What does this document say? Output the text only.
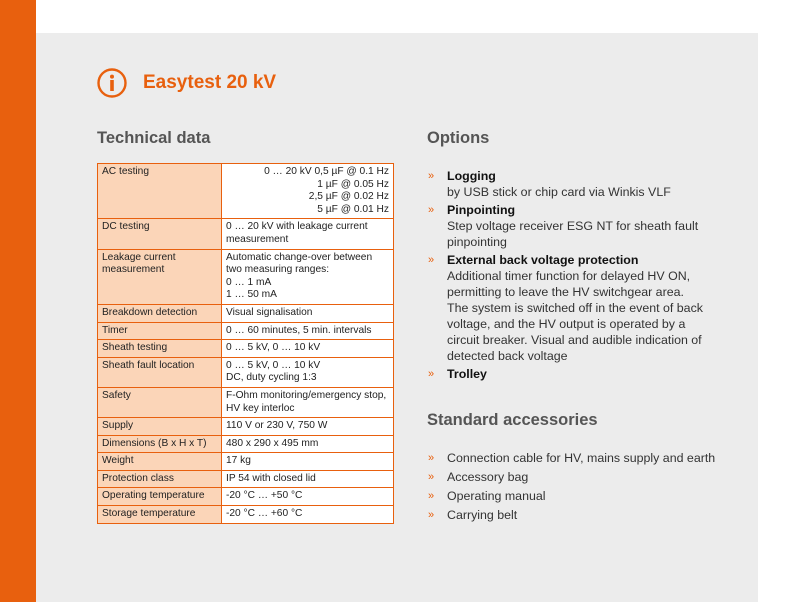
Easytest 20 kV
Technical data
AC testing	0 … 20 kV 0,5 µF @ 0.1 Hz
1 µF @ 0.05 Hz
2,5 µF @ 0.02 Hz
5 µF @ 0.01 Hz

DC testing	0 … 20 kV with leakage current
measurement

Leakage current
measurement	Automatic change-over between
two measuring ranges:
0 … 1 mA
1 … 50 mA

Breakdown detection	Visual signalisation

Timer	0 … 60 minutes, 5 min. intervals

Sheath testing	0 … 5 kV, 0 … 10 kV

Sheath fault location	0 … 5 kV, 0 … 10 kV
DC, duty cycling 1:3

Safety	F-Ohm monitoring/emergency stop,
HV key interloc

Supply	110 V or 230 V, 750 W

Dimensions (B x H x T)	480 x 290 x 495 mm

Weight	17 kg

Protection class	IP 54 with closed lid

Operating temperature	-20 °C … +50 °C

Storage temperature	-20 °C … +60 °C
Options
»	Logging
by USB stick or chip card via Winkis VLF
»	Pinpointing
Step voltage receiver ESG NT for sheath fault
pinpointing
»	External back voltage protection
Additional timer function for delayed HV ON,
permitting to leave the HV switchgear area.
The system is switched off in the event of back
voltage, and the HV output is operated by a
circuit breaker. Visual and audible indication of
detected back voltage
»	Trolley
Standard accessories
»	Connection cable for HV, mains supply and earth
»	Accessory bag
»	Operating manual
»	Carrying belt
